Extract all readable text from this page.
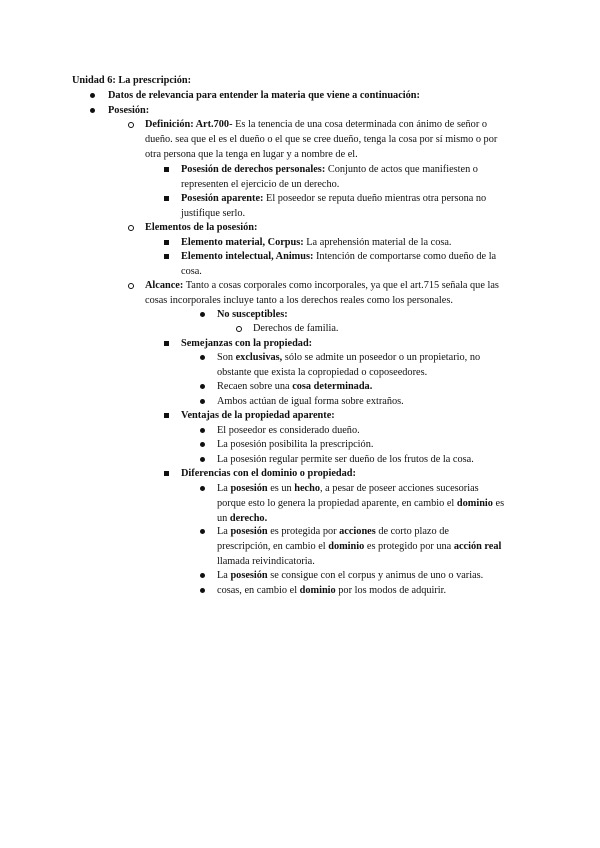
Unidad 6: La prescripción:
Datos de relevancia para entender la materia que viene a continuación:
Posesión:
Definición: Art.700- Es la tenencia de una cosa determinada con ánimo de señor o
dueño. sea que el es el dueño o el que se cree dueño, tenga la cosa por sí mismo o por
otra persona que la tenga en lugar y a nombre de el.
Posesión de derechos personales: Conjunto de actos que manifiesten o
representen el ejercicio de un derecho.
Posesión aparente: El poseedor se reputa dueño mientras otra persona no
justifique serlo.
Elementos de la posesión:
Elemento material, Corpus: La aprehensión material de la cosa.
Elemento intelectual, Animus: Intención de comportarse como dueño de la
cosa.
Alcance: Tanto a cosas corporales como incorporales, ya que el art.715 señala que las
cosas incorporales incluye tanto a los derechos reales como los personales.
No susceptibles:
Derechos de familia.
Semejanzas con la propiedad:
Son exclusivas, sólo se admite un poseedor o un propietario, no
obstante que exista la copropiedad o coposeedores.
Recaen sobre una cosa determinada.
Ambos actúan de igual forma sobre extraños.
Ventajas de la propiedad aparente:
El poseedor es considerado dueño.
La posesión posibilita la prescripción.
La posesión regular permite ser dueño de los frutos de la cosa.
Diferencias con el dominio o propiedad:
La posesión es un hecho, a pesar de poseer acciones sucesorias
porque esto lo genera la propiedad aparente, en cambio el dominio es
un derecho.
La posesión es protegida por acciones de corto plazo de
prescripción, en cambio el dominio es protegido por una acción real
llamada reivindicatoria.
La posesión se consigue con el corpus y animus de uno o varias.
cosas, en cambio el dominio por los modos de adquirir.
